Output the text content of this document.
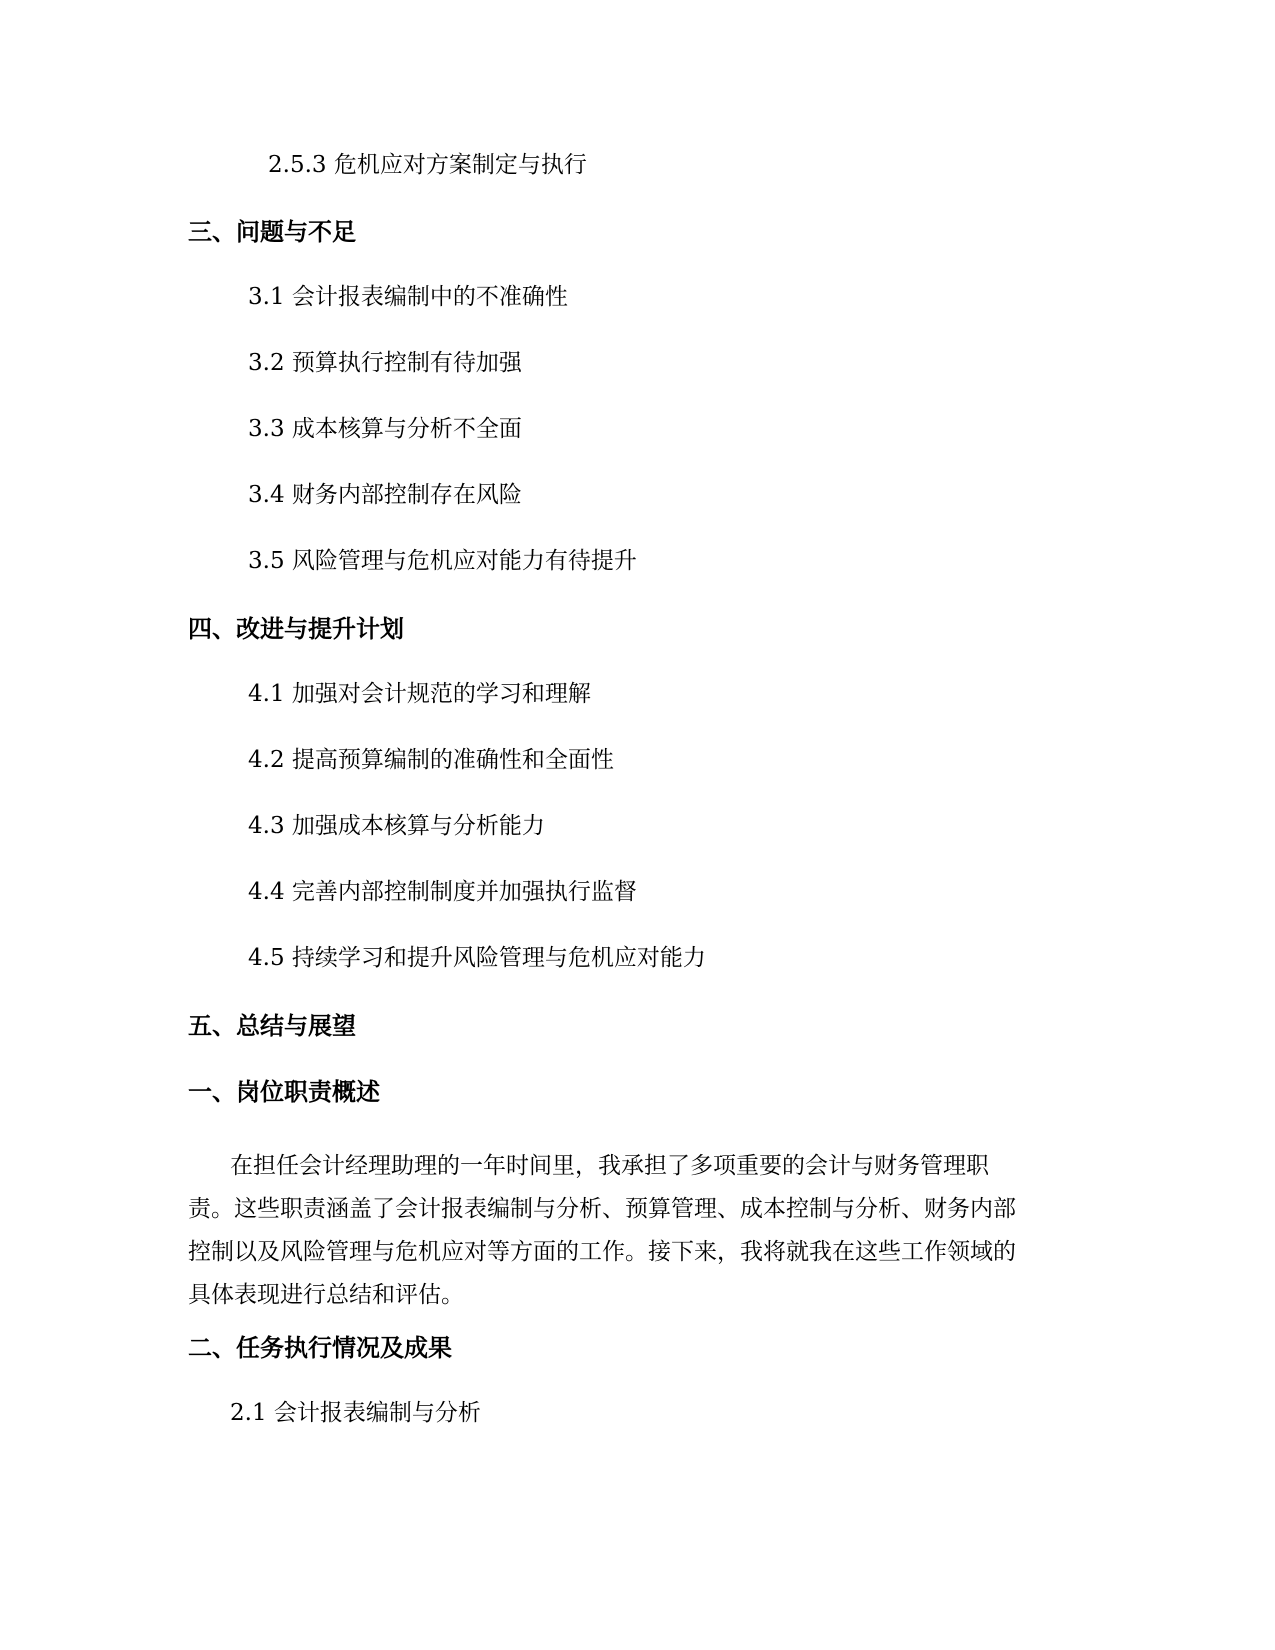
2.5.3 危机应对方案制定与执行
三、问题与不足
3.1 会计报表编制中的不准确性
3.2 预算执行控制有待加强
3.3 成本核算与分析不全面
3.4 财务内部控制存在风险
3.5 风险管理与危机应对能力有待提升
四、改进与提升计划
4.1 加强对会计规范的学习和理解
4.2 提高预算编制的准确性和全面性
4.3 加强成本核算与分析能力
4.4 完善内部控制制度并加强执行监督
4.5 持续学习和提升风险管理与危机应对能力
五、总结与展望
一、岗位职责概述

在担任会计经理助理的一年时间里，我承担了多项重要的会计与财务管理职

责。这些职责涵盖了会计报表编制与分析、预算管理、成本控制与分析、财务内部

控制以及风险管理与危机应对等方面的工作。接下来，我将就我在这些工作领域的

具体表现进行总结和评估。

二、任务执行情况及成果
2.1 会计报表编制与分析
